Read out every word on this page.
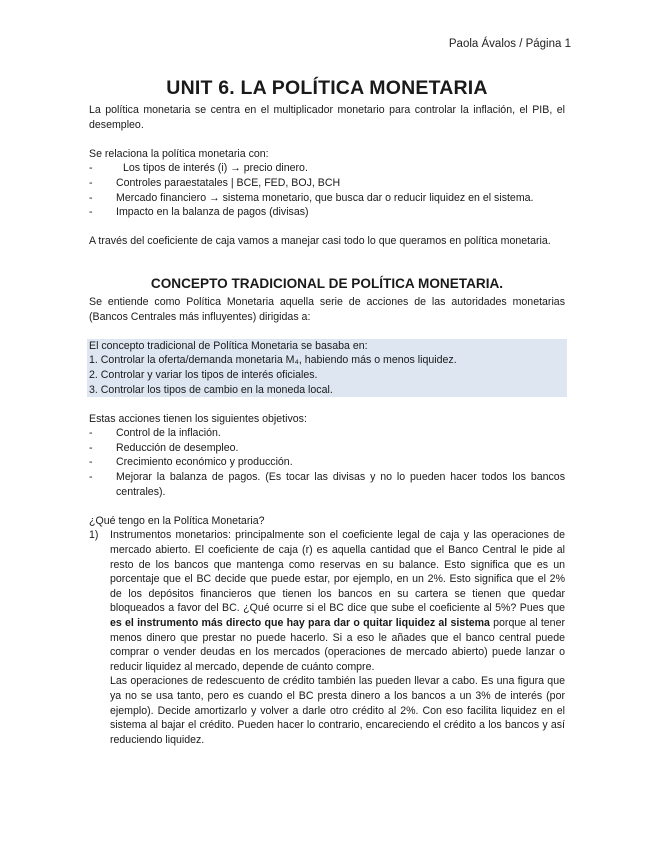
Paola Ávalos / Página 1
UNIT 6. LA POLÍTICA MONETARIA

La política monetaria se centra en el multiplicador monetario para controlar la inflación, el PIB, el desempleo.

Se relaciona la política monetaria con:

- Los tipos de interés (i) → precio dinero.
- Controles paraestatales | BCE, FED, BOJ, BCH
- Mercado financiero → sistema monetario, que busca dar o reducir liquidez en el sistema.
- Impacto en la balanza de pagos (divisas)

A través del coeficiente de caja vamos a manejar casi todo lo que queramos en política monetaria.

CONCEPTO TRADICIONAL DE POLÍTICA MONETARIA.

Se entiende como Política Monetaria aquella serie de acciones de las autoridades monetarias (Bancos Centrales más influyentes) dirigidas a:

El concepto tradicional de Política Monetaria se basaba en:
1. Controlar la oferta/demanda monetaria M₄, habiendo más o menos liquidez.
2. Controlar y variar los tipos de interés oficiales.
3. Controlar los tipos de cambio en la moneda local.

Estas acciones tienen los siguientes objetivos:

- Control de la inflación.
- Reducción de desempleo.
- Crecimiento económico y producción.
- Mejorar la balanza de pagos. (Es tocar las divisas y no lo pueden hacer todos los bancos centrales).

¿Qué tengo en la Política Monetaria?

1) Instrumentos monetarios: principalmente son el coeficiente legal de caja y las operaciones de mercado abierto. El coeficiente de caja (r) es aquella cantidad que el Banco Central le pide al resto de los bancos que mantenga como reservas en su balance. Esto significa que es un porcentaje que el BC decide que puede estar, por ejemplo, en un 2%. Esto significa que el 2% de los depósitos financieros que tienen los bancos en su cartera se tienen que quedar bloqueados a favor del BC. ¿Qué ocurre si el BC dice que sube el coeficiente al 5%? Pues que es el instrumento más directo que hay para dar o quitar liquidez al sistema porque al tener menos dinero que prestar no puede hacerlo. Si a eso le añades que el banco central puede comprar o vender deudas en los mercados (operaciones de mercado abierto) puede lanzar o reducir liquidez al mercado, depende de cuánto compre.

Las operaciones de redescuento de crédito también las pueden llevar a cabo. Es una figura que ya no se usa tanto, pero es cuando el BC presta dinero a los bancos a un 3% de interés (por ejemplo). Decide amortizarlo y volver a darle otro crédito al 2%. Con eso facilita liquidez en el sistema al bajar el crédito. Pueden hacer lo contrario, encareciendo el crédito a los bancos y así reduciendo liquidez.
